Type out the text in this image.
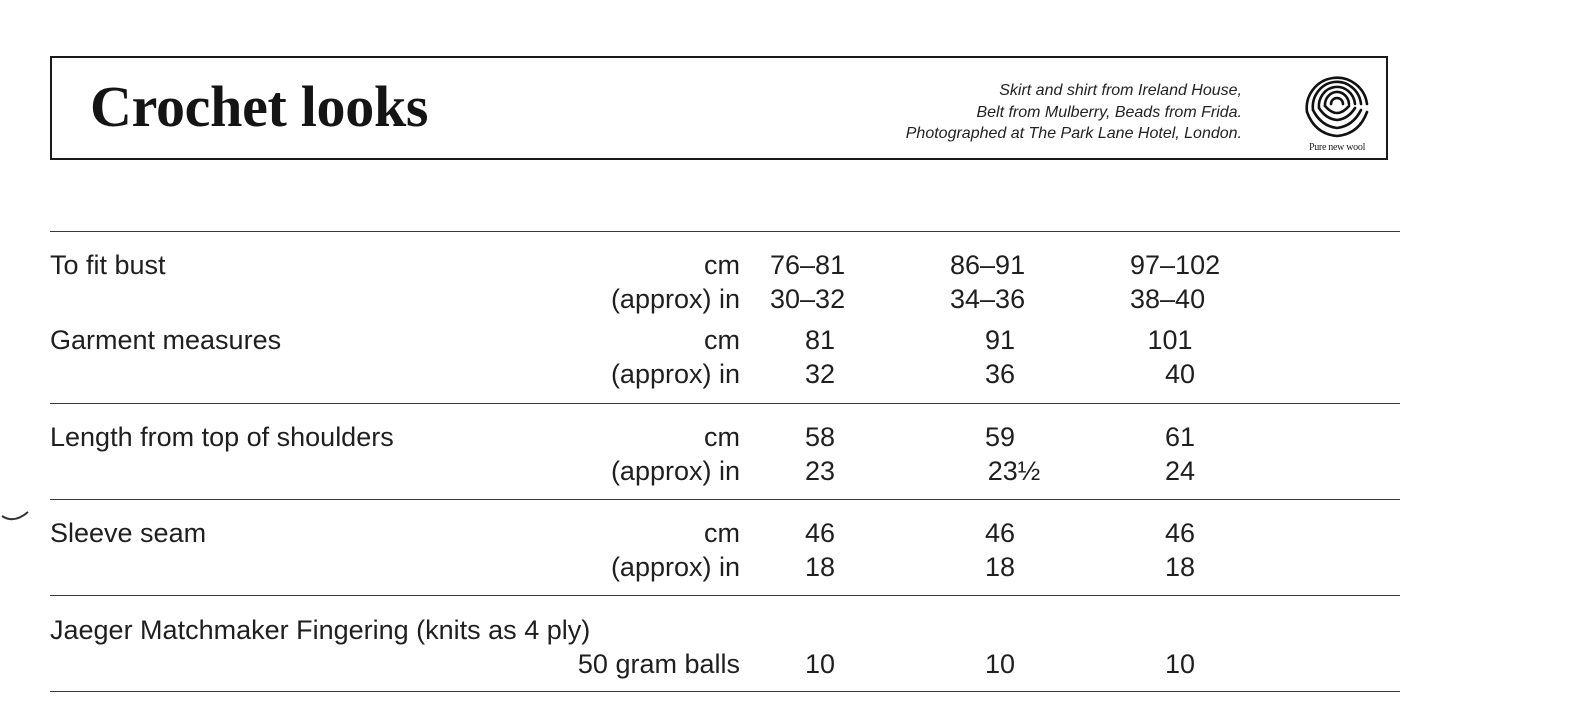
Crochet looks	Skirt and shirt from Ireland House,
Belt from Mulberry, Beads from Frida.
Photographed at The Park Lane Hotel, London.
Pure new wool
To fit bust	cm 76–81	86–91	97–102
(approx) in 30–32	34–36	38–40
Garment measures	cm	81	91	101
(approx) in	32	36	40
Length from top of shoulders	cm	58	59	61
(approx) in	23	23½	24
Sleeve seam	cm	46	46	46
(approx) in	18	18	18
Jaeger Matchmaker Fingering (knits as 4 ply)
50 gram balls	10	10	10
